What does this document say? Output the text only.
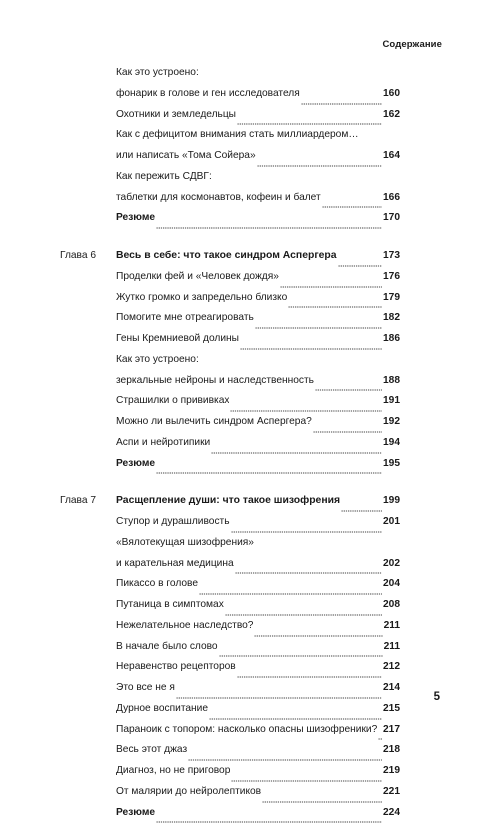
Содержание
Как это устроено:
фонарик в голове и ген исследователя	160
Охотники и земледельцы	162
Как с дефицитом внимания стать миллиардером…
или написать «Тома Сойера»	164
Как пережить СДВГ:
таблетки для космонавтов, кофеин и балет	166
Резюме	170
Глава 6	Весь в себе: что такое синдром Аспергера	173
Проделки фей и «Человек дождя»	176
Жутко громко и запредельно близко	179
Помогите мне отреагировать	182
Гены Кремниевой долины	186
Как это устроено:
зеркальные нейроны и наследственность	188
Страшилки о прививках	191
Можно ли вылечить синдром Аспергера?	192
Аспи и нейротипики	194
Резюме	195
Глава 7	Расщепление души: что такое шизофрения	199
Ступор и дурашливость	201
«Вялотекущая шизофрения»
и карательная медицина	202
Пикассо в голове	204
Путаница в симптомах	208
Нежелательное наследство?	211
В начале было слово	211
Неравенство рецепторов	212
Это все не я	214
Дурное воспитание	215
Параноик с топором: насколько опасны шизофреники? 217
Весь этот джаз	218
Диагноз, но не приговор	219
От малярии до нейролептиков	221
Резюме	224
5
